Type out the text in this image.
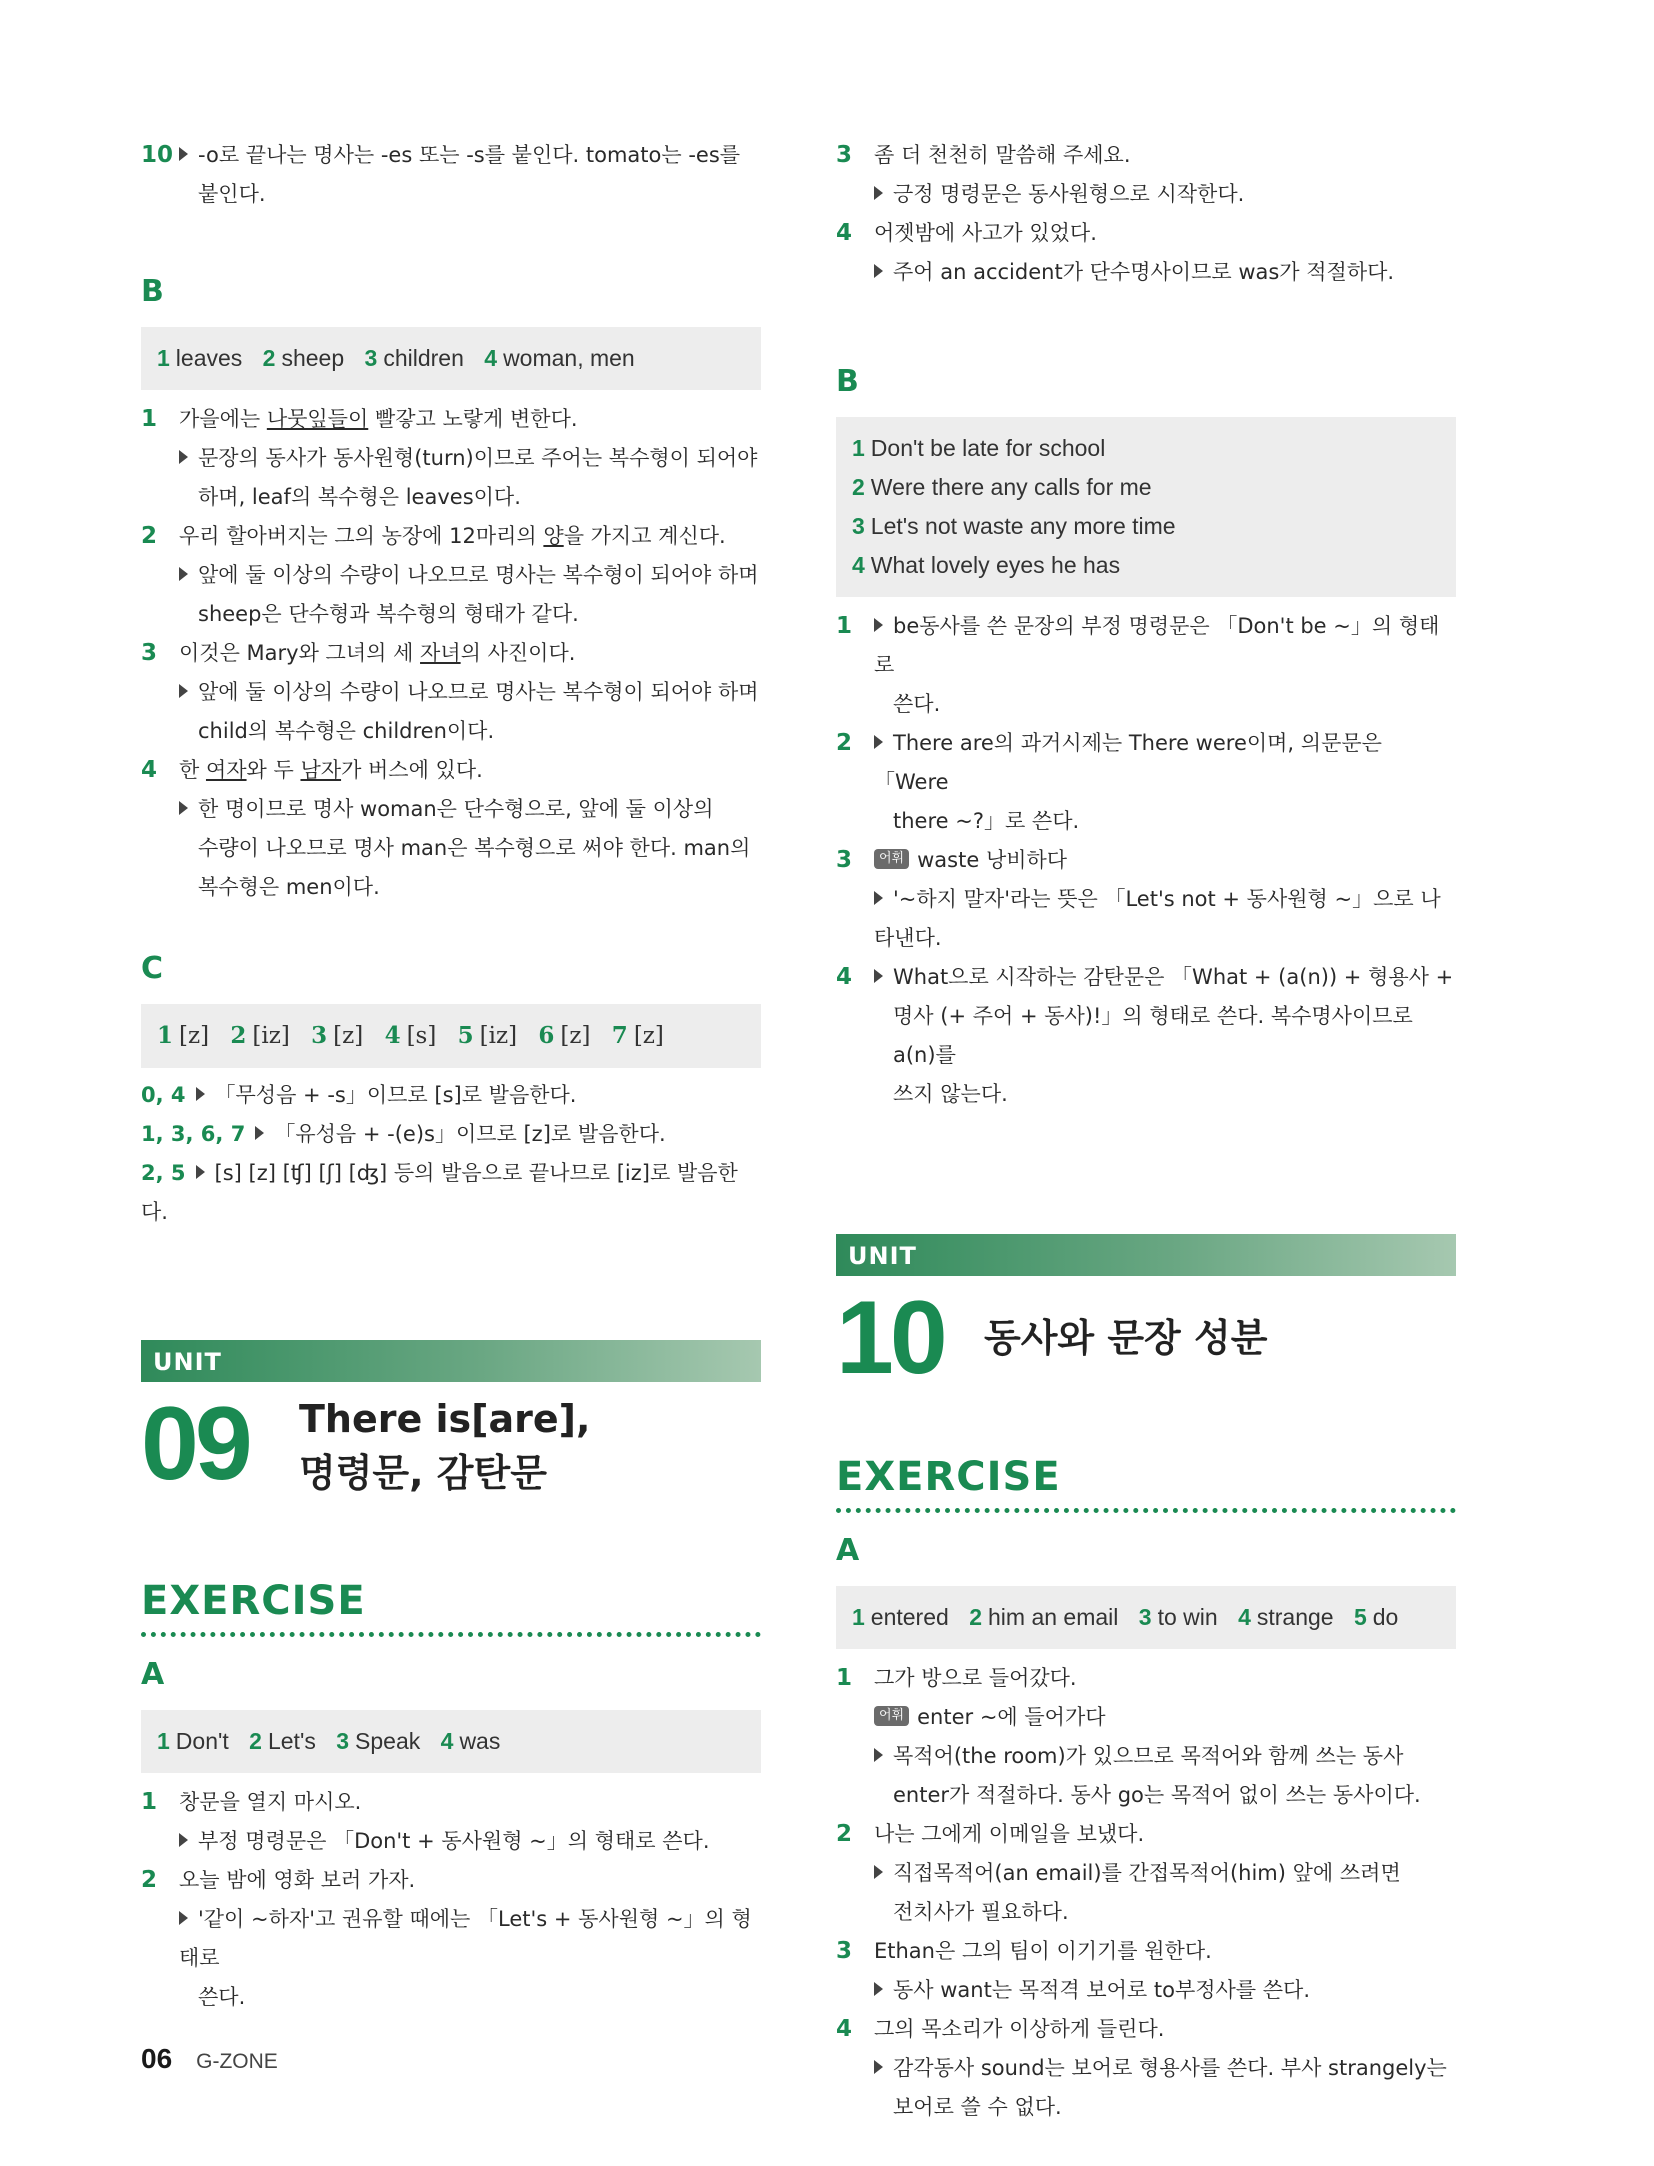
10	-o로 끝나는 명사는 -es 또는 -s를 붙인다. tomato는 -es를
붙인다.
B
1 leaves 2 sheep 3 children 4 woman, men
1	가을에는 나뭇잎들이 빨갛고 노랗게 변한다.
문장의 동사가 동사원형(turn)이므로 주어는 복수형이 되어야
하며, leaf의 복수형은 leaves이다.
2	우리 할아버지는 그의 농장에 12마리의 양을 가지고 계신다.
앞에 둘 이상의 수량이 나오므로 명사는 복수형이 되어야 하며
sheep은 단수형과 복수형의 형태가 같다.
3	이것은 Mary와 그녀의 세 자녀의 사진이다.
앞에 둘 이상의 수량이 나오므로 명사는 복수형이 되어야 하며
child의 복수형은 children이다.
4	한 여자와 두 남자가 버스에 있다.
한 명이므로 명사 woman은 단수형으로, 앞에 둘 이상의
수량이 나오므로 명사 man은 복수형으로 써야 한다. man의
복수형은 men이다.
C
1 [z] 2 [iz] 3 [z] 4 [s] 5 [iz] 6 [z] 7 [z]
0, 4 「무성음 + -s」이므로 [s]로 발음한다.
1, 3, 6, 7 「유성음 + -(e)s」이므로 [z]로 발음한다.
2, 5 [s] [z] [ʧ] [ʃ] [ʤ] 등의 발음으로 끝나므로 [iz]로 발음한다.
UNIT
09	There is[are],
명령문, 감탄문
EXERCISE
A
1 Don't 2 Let's 3 Speak 4 was
1	창문을 열지 마시오.
부정 명령문은 「Don't + 동사원형 ~」의 형태로 쓴다.
2	오늘 밤에 영화 보러 가자.
'같이 ~하자'고 권유할 때에는 「Let's + 동사원형 ~」의 형태로
쓴다.
3	좀 더 천천히 말씀해 주세요.
긍정 명령문은 동사원형으로 시작한다.
4	어젯밤에 사고가 있었다.
주어 an accident가 단수명사이므로 was가 적절하다.
B
1 Don't be late for school
2 Were there any calls for me
3 Let's not waste any more time
4 What lovely eyes he has
1	be동사를 쓴 문장의 부정 명령문은 「Don't be ~」의 형태로
쓴다.
2	There are의 과거시제는 There were이며, 의문문은 「Were
there ~?」로 쓴다.
3	어휘 waste 낭비하다
'~하지 말자'라는 뜻은 「Let's not + 동사원형 ~」으로 나타낸다.
4	What으로 시작하는 감탄문은 「What + (a(n)) + 형용사 +
명사 (+ 주어 + 동사)!」의 형태로 쓴다. 복수명사이므로 a(n)를
쓰지 않는다.
UNIT
10	동사와 문장 성분
EXERCISE
A
1 entered 2 him an email 3 to win 4 strange 5 do
1	그가 방으로 들어갔다.
어휘 enter ~에 들어가다
목적어(the room)가 있으므로 목적어와 함께 쓰는 동사
enter가 적절하다. 동사 go는 목적어 없이 쓰는 동사이다.
2	나는 그에게 이메일을 보냈다.
직접목적어(an email)를 간접목적어(him) 앞에 쓰려면
전치사가 필요하다.
3	Ethan은 그의 팀이 이기기를 원한다.
동사 want는 목적격 보어로 to부정사를 쓴다.
4	그의 목소리가 이상하게 들린다.
감각동사 sound는 보어로 형용사를 쓴다. 부사 strangely는
보어로 쓸 수 없다.
06 G-ZONE
